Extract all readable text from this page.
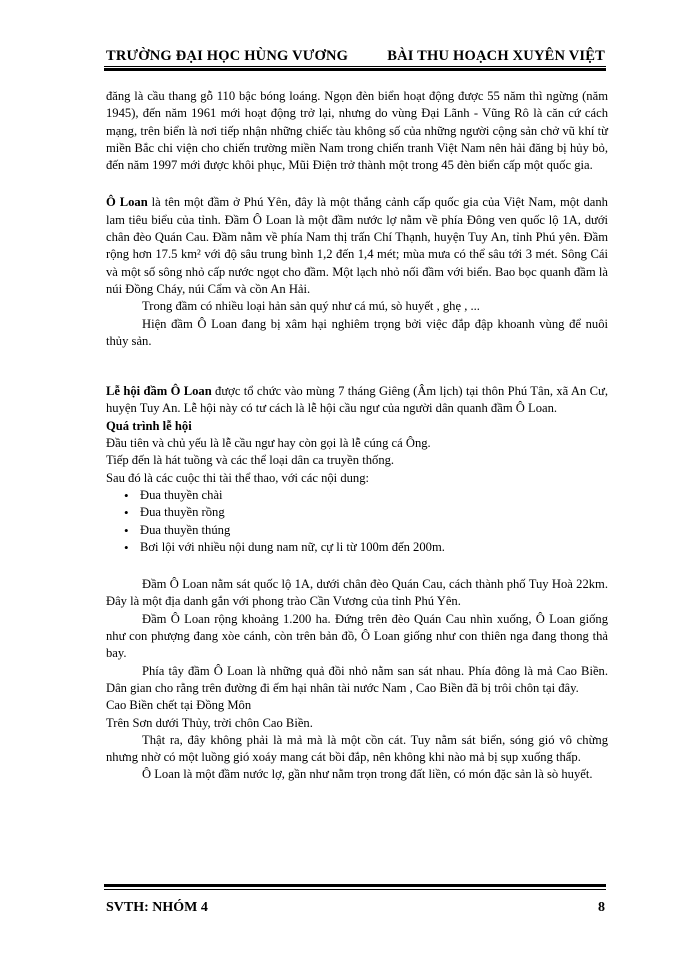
TRƯỜNG ĐẠI HỌC HÙNG VƯƠNG	BÀI THU HOẠCH XUYÊN VIỆT

đăng là cầu thang gỗ 110 bậc bóng loáng. Ngọn đèn biển hoạt động được 55 năm thì ngừng (năm 1945), đến năm 1961 mới hoạt động trở lại, nhưng do vùng Đại Lãnh - Vũng Rô là căn cứ cách mạng, trên biển là nơi tiếp nhận những chiếc tàu không số của những người cộng sản chở vũ khí từ miền Bắc chi viện cho chiến trường miền Nam trong chiến tranh Việt Nam nên hải đăng bị hủy bỏ, đến năm 1997 mới được khôi phục, Mũi Điện trở thành một trong 45 đèn biển cấp một quốc gia.

Ô Loan là tên một đầm ở Phú Yên, đây là một thắng cảnh cấp quốc gia của Việt Nam, một danh lam tiêu biểu của tỉnh. Đầm Ô Loan là một đầm nước lợ nằm về phía Đông ven quốc lộ 1A, dưới chân đèo Quán Cau. Đầm nằm về phía Nam thị trấn Chí Thạnh, huyện Tuy An, tỉnh Phú yên. Đầm rộng hơn 17.5 km² với độ sâu trung bình 1,2 đến 1,4 mét; mùa mưa có thể sâu tới 3 mét. Sông Cái và một số sông nhỏ cấp nước ngọt cho đầm. Một lạch nhỏ nối đầm với biển. Bao bọc quanh đầm là núi Đồng Cháy, núi Cẩm và cồn An Hải.

Trong đầm có nhiều loại hản sản quý như cá mú, sò huyết , ghẹ , ...

Hiện đầm Ô Loan đang bị xâm hại nghiêm trọng bởi việc đắp đập khoanh vùng để nuôi thủy sản.

Lễ hội đầm Ô Loan được tổ chức vào mùng 7 tháng Giêng (Âm lịch) tại thôn Phú Tân, xã An Cư, huyện Tuy An. Lễ hội này có tư cách là lễ hội cầu ngư của người dân quanh đầm Ô Loan.

Quá trình lễ hội

Đầu tiên và chủ yếu là lễ cầu ngư hay còn gọi là lễ cúng cá Ông.

Tiếp đến là hát tuồng và các thể loại dân ca truyền thống.

Sau đó là các cuộc thi tài thể thao, với các nội dung:

• Đua thuyền chài
• Đua thuyền rồng
• Đua thuyền thúng
• Bơi lội với nhiều nội dung nam nữ, cự li từ 100m đến 200m.

Đầm Ô Loan nằm sát quốc lộ 1A, dưới chân đèo Quán Cau, cách thành phố Tuy Hoà 22km. Đây là một địa danh gắn với phong trào Cần Vương của tỉnh Phú Yên.

Đầm Ô Loan rộng khoảng 1.200 ha. Đứng trên đèo Quán Cau nhìn xuống, Ô Loan giống như con phượng đang xòe cánh, còn trên bản đồ, Ô Loan giống như con thiên nga đang thong thả bay.

Phía tây đầm Ô Loan là những quả đồi nhỏ nằm san sát nhau. Phía đông là mả Cao Biền. Dân gian cho rằng trên đường đi ếm hại nhân tài nước Nam , Cao Biền đã bị trôi chôn tại đây.

Cao Biền chết tại Đồng Môn

Trên Sơn dưới Thủy, trời chôn Cao Biền.

Thật ra, đây không phải là mả mà là một cồn cát. Tuy nằm sát biển, sóng gió vô chừng nhưng nhờ có một luồng gió xoáy mang cát bồi đắp, nên không khi nào mả bị sụp xuống thấp.

Ô Loan là một đầm nước lợ, gần như nằm trọn trong đất liền, có món đặc sản là sò huyết.

SVTH: NHÓM 4	8
